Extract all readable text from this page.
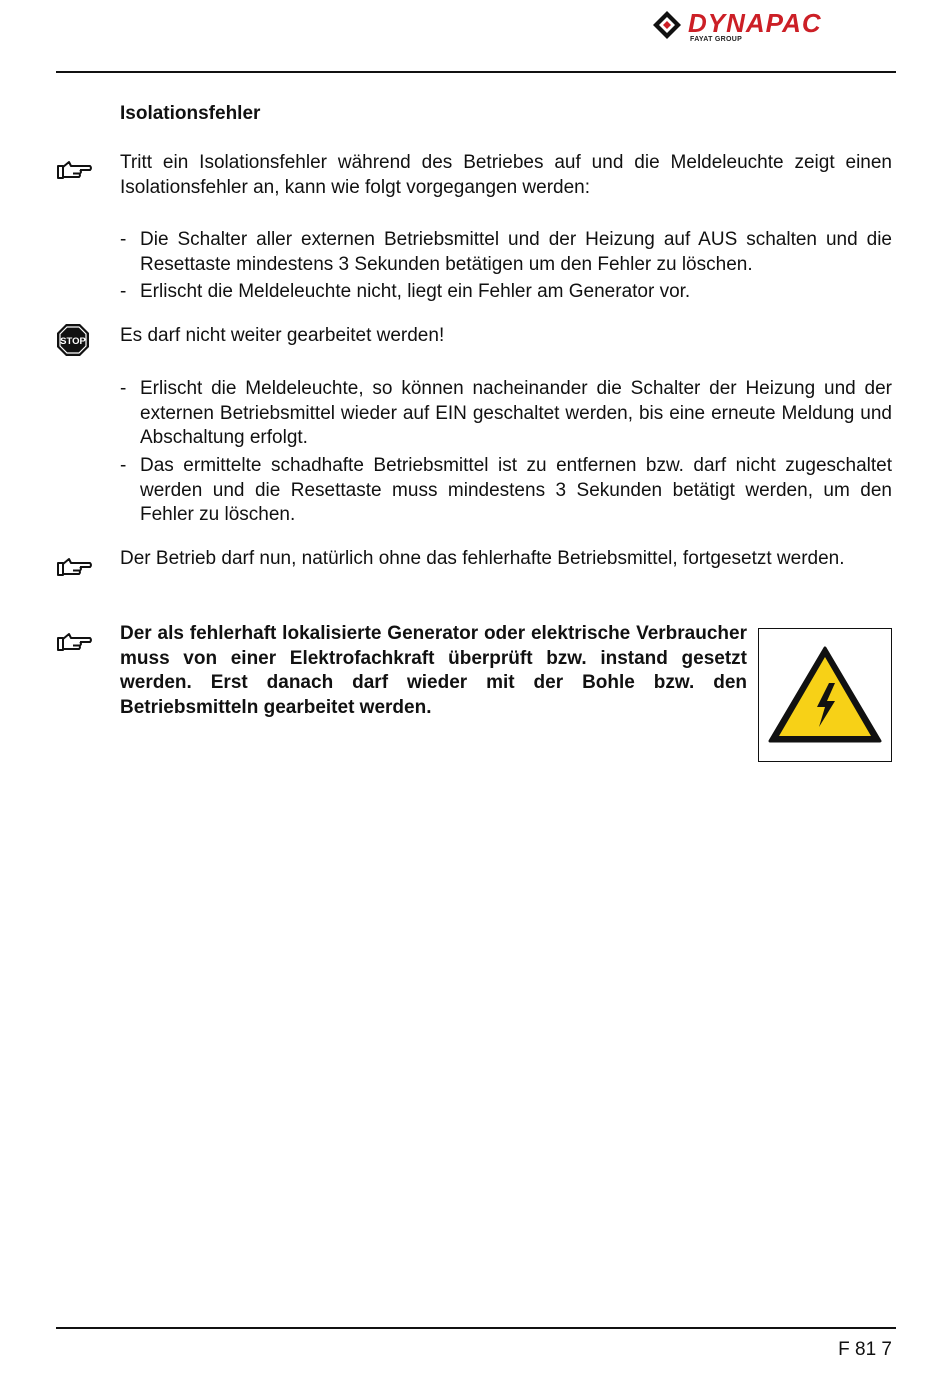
DYNAPAC
FAYAT GROUP
Isolationsfehler
Tritt ein Isolationsfehler während des Betriebes auf und die Meldeleuchte zeigt einen Isolationsfehler an, kann wie folgt vorgegangen werden:
- Die Schalter aller externen Betriebsmittel und der Heizung auf AUS schalten und die Resettaste mindestens 3 Sekunden betätigen um den Fehler zu löschen.
- Erlischt die Meldeleuchte nicht, liegt ein Fehler am Generator vor.
STOP Es darf nicht weiter gearbeitet werden!
- Erlischt die Meldeleuchte, so können nacheinander die Schalter der Heizung und der externen Betriebsmittel wieder auf EIN geschaltet werden, bis eine erneute Meldung und Abschaltung erfolgt.
- Das ermittelte schadhafte Betriebsmittel ist zu entfernen bzw. darf nicht zugeschaltet werden und die Resettaste muss mindestens 3 Sekunden betätigt werden, um den Fehler zu löschen.
Der Betrieb darf nun, natürlich ohne das fehlerhafte Betriebsmittel, fortgesetzt werden.
Der als fehlerhaft lokalisierte Generator oder elektrische Verbraucher muss von einer Elektrofachkraft überprüft bzw. instand gesetzt werden. Erst danach darf wieder mit der Bohle bzw. den Betriebsmitteln gearbeitet werden.
F 81 7
